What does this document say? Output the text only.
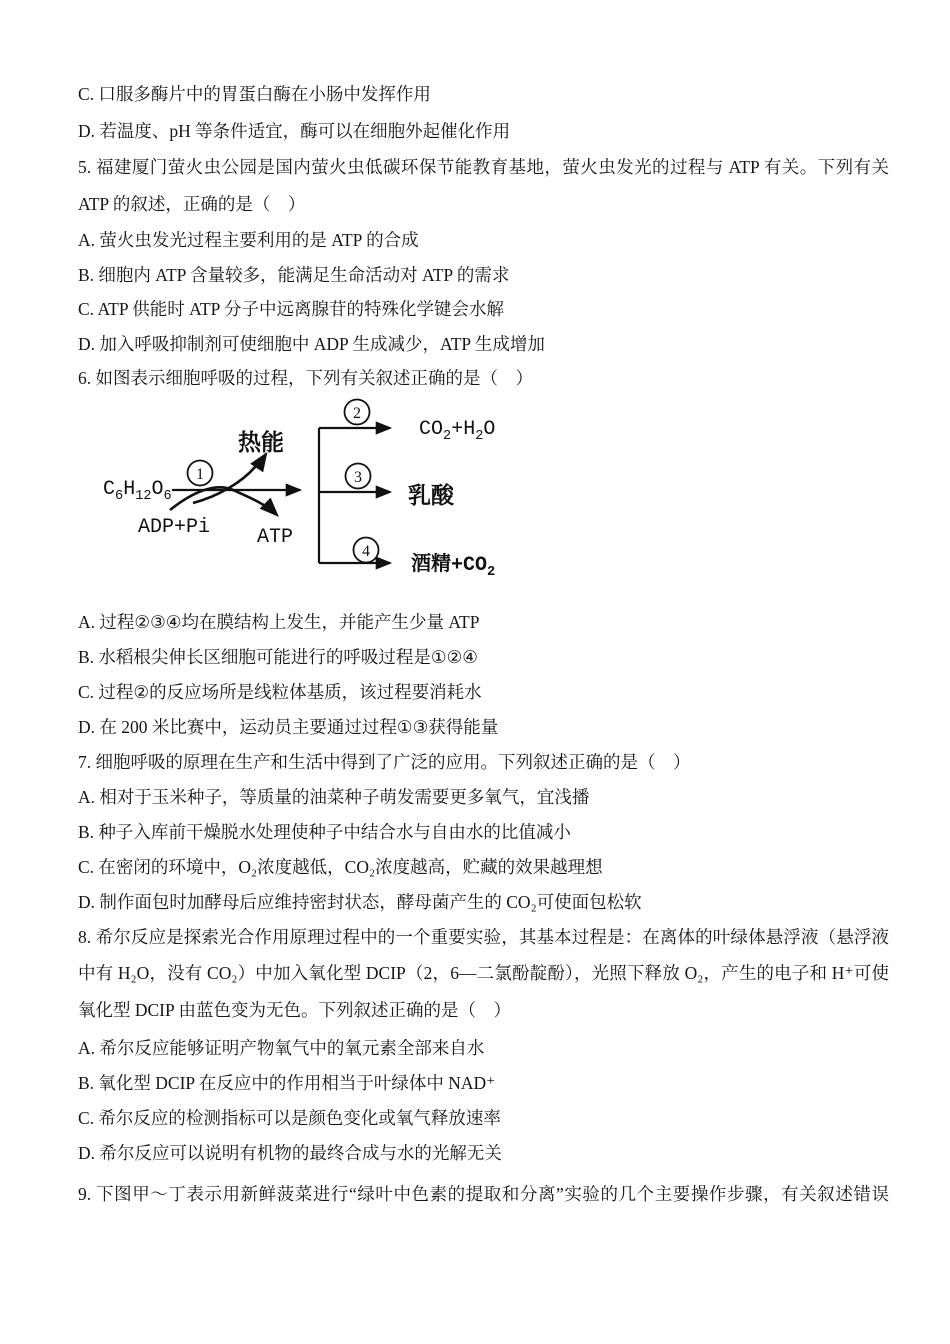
C. 口服多酶片中的胃蛋白酶在小肠中发挥作用
D. 若温度、pH 等条件适宜，酶可以在细胞外起催化作用
5. 福建厦门萤火虫公园是国内萤火虫低碳环保节能教育基地，萤火虫发光的过程与 ATP 有关。下列有关
ATP 的叙述，正确的是（　）
A. 萤火虫发光过程主要利用的是 ATP 的合成
B. 细胞内 ATP 含量较多，能满足生命活动对 ATP 的需求
C. ATP 供能时 ATP 分子中远离腺苷的特殊化学键会水解
D. 加入呼吸抑制剂可使细胞中 ADP 生成减少，ATP 生成增加
6. 如图表示细胞呼吸的过程，下列有关叙述正确的是（　）
A. 过程②③④均在膜结构上发生，并能产生少量 ATP
B. 水稻根尖伸长区细胞可能进行的呼吸过程是①②④
C. 过程②的反应场所是线粒体基质，该过程要消耗水
D. 在 200 米比赛中，运动员主要通过过程①③获得能量
7. 细胞呼吸的原理在生产和生活中得到了广泛的应用。下列叙述正确的是（　）
A. 相对于玉米种子，等质量的油菜种子萌发需要更多氧气，宜浅播
B. 种子入库前干燥脱水处理使种子中结合水与自由水的比值减小
C. 在密闭的环境中，O₂浓度越低，CO₂浓度越高，贮藏的效果越理想
D. 制作面包时加酵母后应维持密封状态，酵母菌产生的 CO₂可使面包松软
8. 希尔反应是探索光合作用原理过程中的一个重要实验，其基本过程是：在离体的叶绿体悬浮液（悬浮液
中有 H₂O，没有 CO₂）中加入氧化型 DCIP（2，6—二氯酚靛酚），光照下释放 O₂，产生的电子和 H⁺可使
氧化型 DCIP 由蓝色变为无色。下列叙述正确的是（　）
A. 希尔反应能够证明产物氧气中的氧元素全部来自水
B. 氧化型 DCIP 在反应中的作用相当于叶绿体中 NAD⁺
C. 希尔反应的检测指标可以是颜色变化或氧气释放速率
D. 希尔反应可以说明有机物的最终合成与水的光解无关
9. 下图甲～丁表示用新鲜菠菜进行“绿叶中色素的提取和分离”实验的几个主要操作步骤，有关叙述错误
1
2
3
4
热能
乳酸
$C_6H_{12}O_6$
ADP+Pi ATP
$CO_2+H_2O$
酒精$+CO_2$
